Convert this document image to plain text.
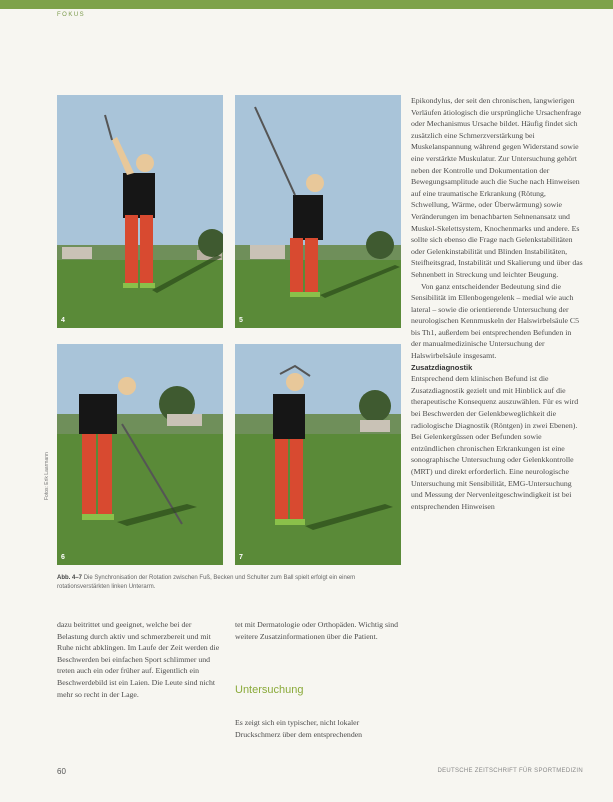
FOKUS
4	5
6	7
Fotos: Erik Laarmann
Abb. 4–7 Die Synchronisation der Rotation zwischen Fuß, Becken und Schulter zum Ball spielt erfolgt ein einem rotationsverstärkten linken Unterarm.

Epikondylus, der seit den chronischen, langwierigen Verläufen ätiologisch die ursprüngliche Ursachenfrage oder Mechanismus Ursache bildet. Häufig findet sich zusätzlich eine Schmerzverstärkung bei Muskelanspannung während gegen Widerstand sowie eine verstärkte Muskulatur. Zur Untersuchung gehört neben der Kontrolle und Dokumentation der Bewegungsamplitude auch die Suche nach Hinweisen auf eine traumatische Erkrankung (Rötung, Schwellung, Wärme, oder Überwärmung) sowie Veränderungen im benachbarten Sehnenansatz und Muskel-Skelettsystem, Knochenmarks und andere. Es sollte sich ebenso die Frage nach Gelenkstabilitäten oder Gelenkinstabilität und Blinden Instabilitäten, Steifheitsgrad, Instabilität und Skalierung und über das Sehnenbett in Streckung und leichter Beugung.

Von ganz entscheidender Bedeutung sind die Sensibilität im Ellenbogengelenk – medial wie auch lateral – sowie die orientierende Untersuchung der neurologischen Kennmuskeln der Halswirbelsäule C5 bis Th1, außerdem bei entsprechenden Befunden in der manualmedizinische Untersuchung der Halswirbelsäule insgesamt.

Zusatzdiagnostik

Entsprechend dem klinischen Befund ist die Zusatzdiagnostik gezielt und mit Hinblick auf die therapeutische Konsequenz auszuwählen. Für es wird bei Beschwerden der Gelenkbeweglichkeit die radiologische Diagnostik (Röntgen) in zwei Ebenen). Bei Gelenkergüssen oder Befunden sowie entzündlichen chronischen Erkrankungen ist eine sonographische Untersuchung oder Gelenkkontrolle (MRT) und direkt erforderlich. Eine neurologische Untersuchung mit Sensibilität, EMG-Untersuchung und Messung der Nervenleitgeschwindigkeit ist bei entsprechenden Hinweisen

dazu beitrittet und geeignet, welche bei der Belastung durch aktiv und schmerzbereit und mit Ruhe nicht abklingen. Im Laufe der Zeit werden die Beschwerden bei einfachen Sport schlimmer und treten auch ein oder früher auf. Eigentlich ein Beschwerdebild ist ein Laien. Die Leute sind nicht mehr so recht in der Lage.

tet mit Dermatologie oder Orthopäden. Wichtig sind weitere Zusatzinformationen über die Patient.

Untersuchung

Es zeigt sich ein typischer, nicht lokaler Druckschmerz über dem entsprechenden

60	DEUTSCHE ZEITSCHRIFT FÜR SPORTMEDIZIN
